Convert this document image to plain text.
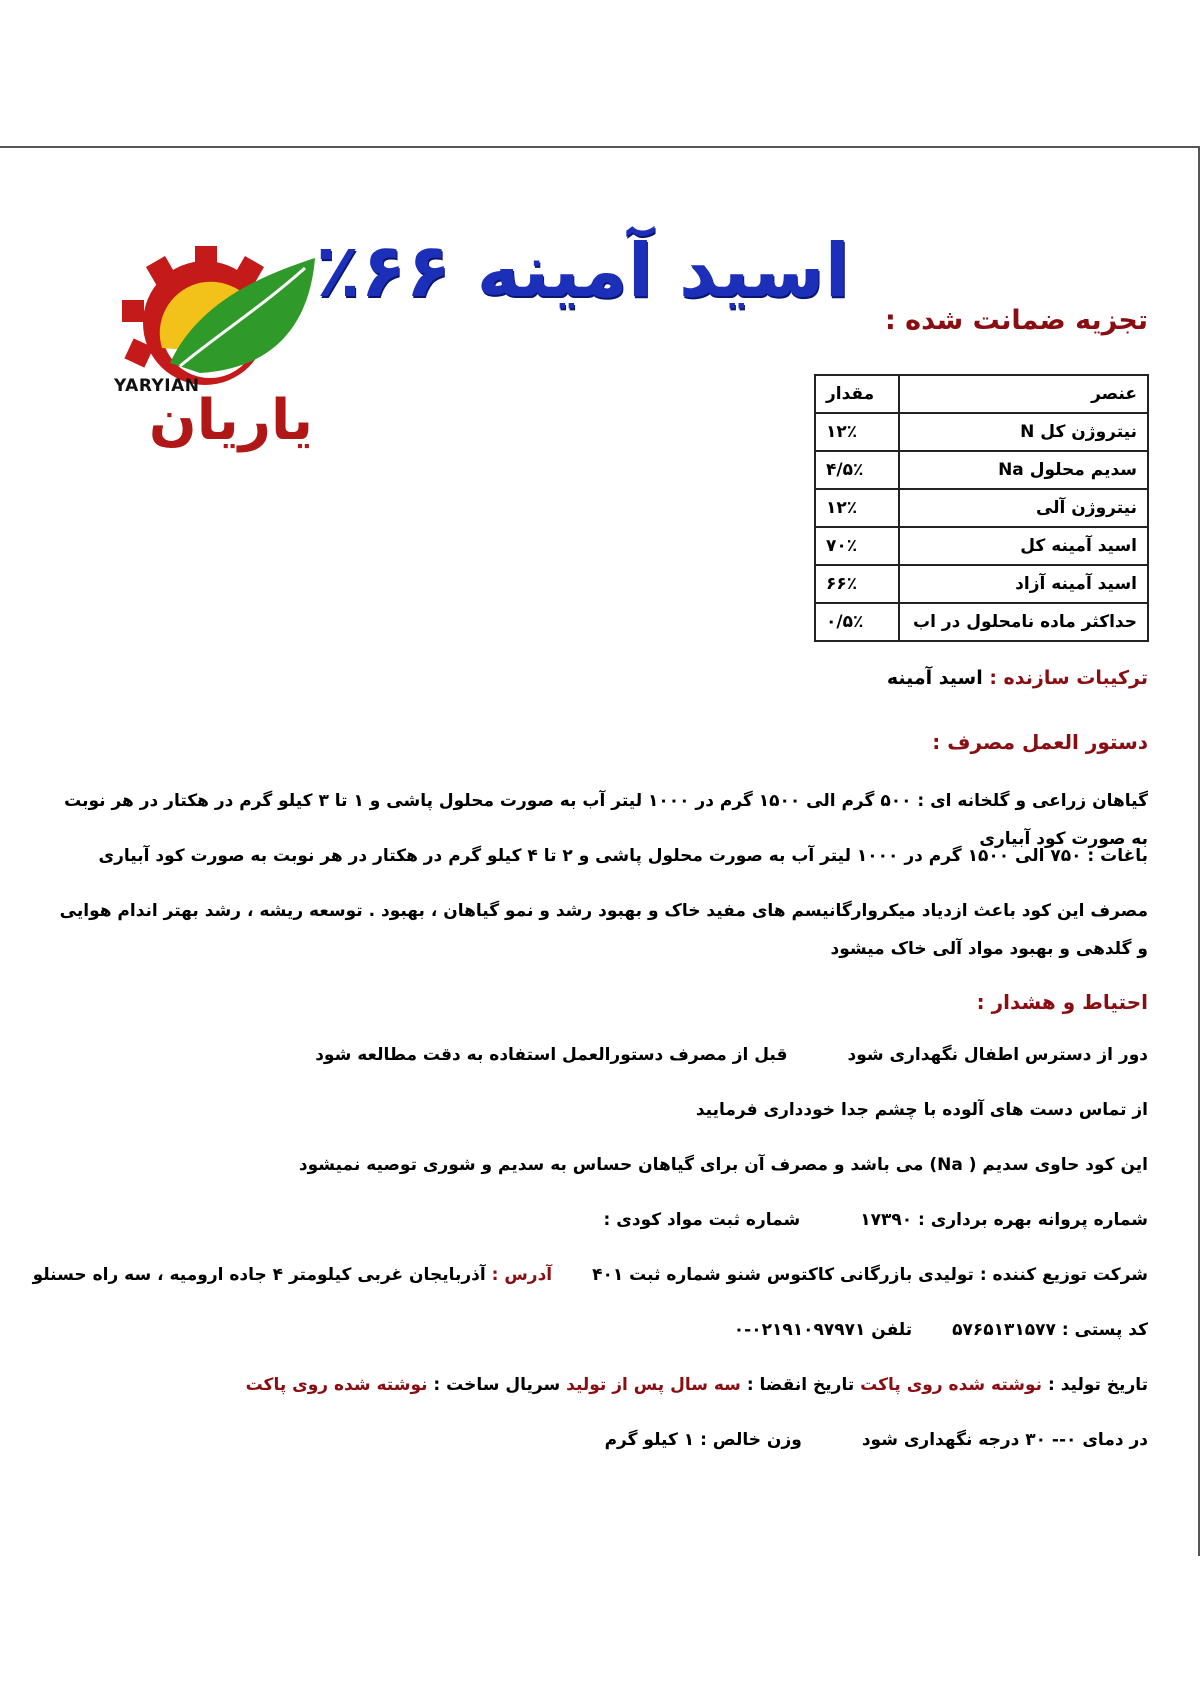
اسید آمینه ۶۶٪
YARYIAN
یاریان
تجزیه ضمانت شده :
عنصر	مقدار
نیتروژن کل N	۱۲٪
سدیم محلول Na	۴/۵٪
نیتروژن آلی	۱۲٪
اسید آمینه کل	۷۰٪
اسید آمینه آزاد	۶۶٪
حداکثر ماده نامحلول در اب	۰/۵٪
ترکیبات سازنده : اسید آمینه
دستور العمل مصرف :
گیاهان زراعی و گلخانه ای : ۵۰۰ گرم الی ۱۵۰۰ گرم در ۱۰۰۰ لیتر آب به صورت محلول پاشی و ۱ تا ۳ کیلو گرم در هکتار در هر نوبت به صورت کود آبیاری
باغات : ۷۵۰ الی ۱۵۰۰ گرم در ۱۰۰۰ لیتر آب به صورت محلول پاشی و ۲ تا ۴ کیلو گرم در هکتار در هر نوبت به صورت کود آبیاری
مصرف این کود باعث ازدیاد میکروارگانیسم های مفید خاک و بهبود رشد و نمو گیاهان ، بهبود . توسعه ریشه ، رشد بهتر اندام هوایی و گلدهی و بهبود مواد آلی خاک میشود
احتیاط و هشدار :
دور از دسترس اطفال نگهداری شودقبل از مصرف دستورالعمل استفاده به دقت مطالعه شود
از تماس دست های آلوده با چشم جدا خودداری فرمایید
این کود حاوی سدیم ( Na) می باشد و مصرف آن برای گیاهان حساس به سدیم و شوری توصیه نمیشود
شماره پروانه بهره برداری : ۱۷۳۹۰شماره ثبت مواد کودی :
شرکت توزیع کننده : تولیدی بازرگانی کاکتوس شنو شماره ثبت ۴۰۱آدرس : آذربایجان غربی کیلومتر ۴ جاده ارومیه ، سه راه حسنلو
کد پستی : ۵۷۶۵۱۳۱۵۷۷تلفن ۰۲۱۹۱۰۹۷۹۷۱-۰
تاریخ تولید : نوشته شده روی پاکت تاریخ انقضا : سه سال پس از تولید سریال ساخت : نوشته شده روی پاکت
در دمای ۰-- ۳۰ درجه نگهداری شودوزن خالص : ۱ کیلو گرم
